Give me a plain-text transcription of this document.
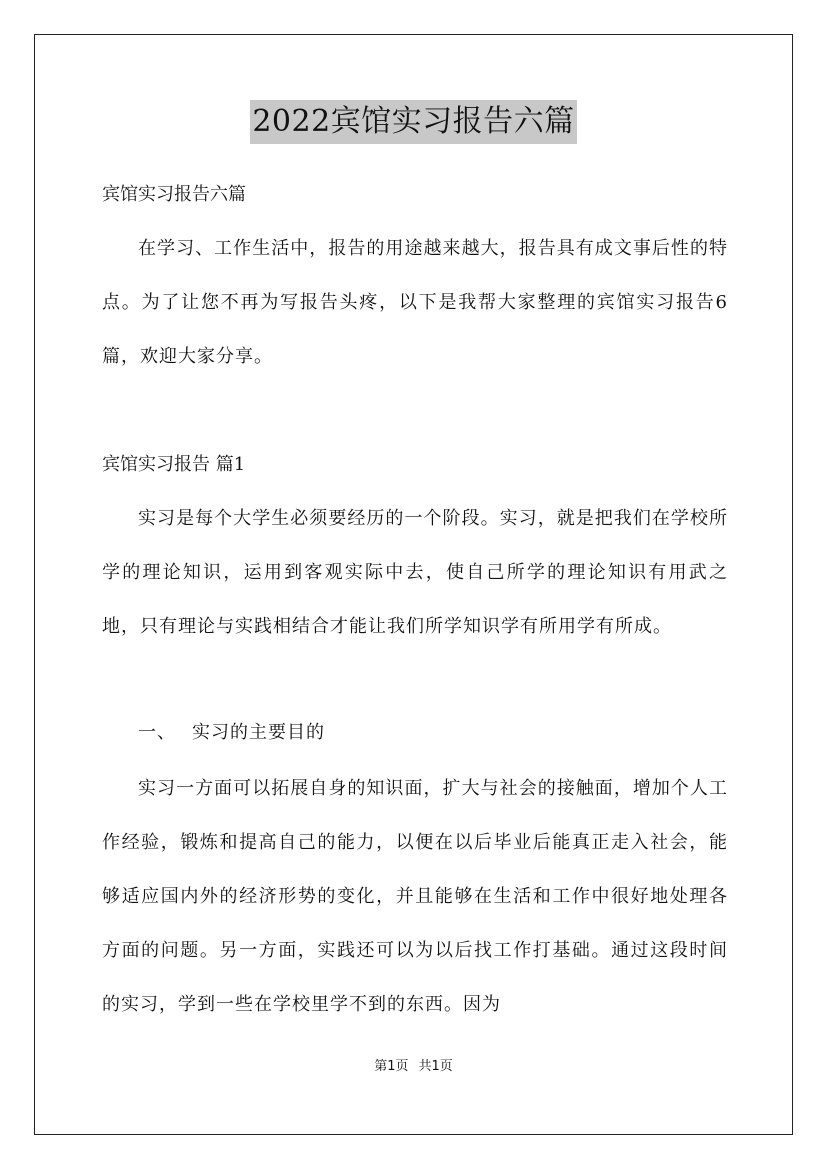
2022宾馆实习报告六篇
宾馆实习报告六篇
在学习、工作生活中，报告的用途越来越大，报告具有成文事后性的特点。为了让您不再为写报告头疼，以下是我帮大家整理的宾馆实习报告6篇，欢迎大家分享。
宾馆实习报告 篇1
实习是每个大学生必须要经历的一个阶段。实习，就是把我们在学校所学的理论知识，运用到客观实际中去，使自己所学的理论知识有用武之地，只有理论与实践相结合才能让我们所学知识学有所用学有所成。
一、 实习的主要目的
实习一方面可以拓展自身的知识面，扩大与社会的接触面，增加个人工作经验，锻炼和提高自己的能力，以便在以后毕业后能真正走入社会，能够适应国内外的经济形势的变化，并且能够在生活和工作中很好地处理各方面的问题。另一方面，实践还可以为以后找工作打基础。通过这段时间的实习，学到一些在学校里学不到的东西。因为
第1页 共1页
